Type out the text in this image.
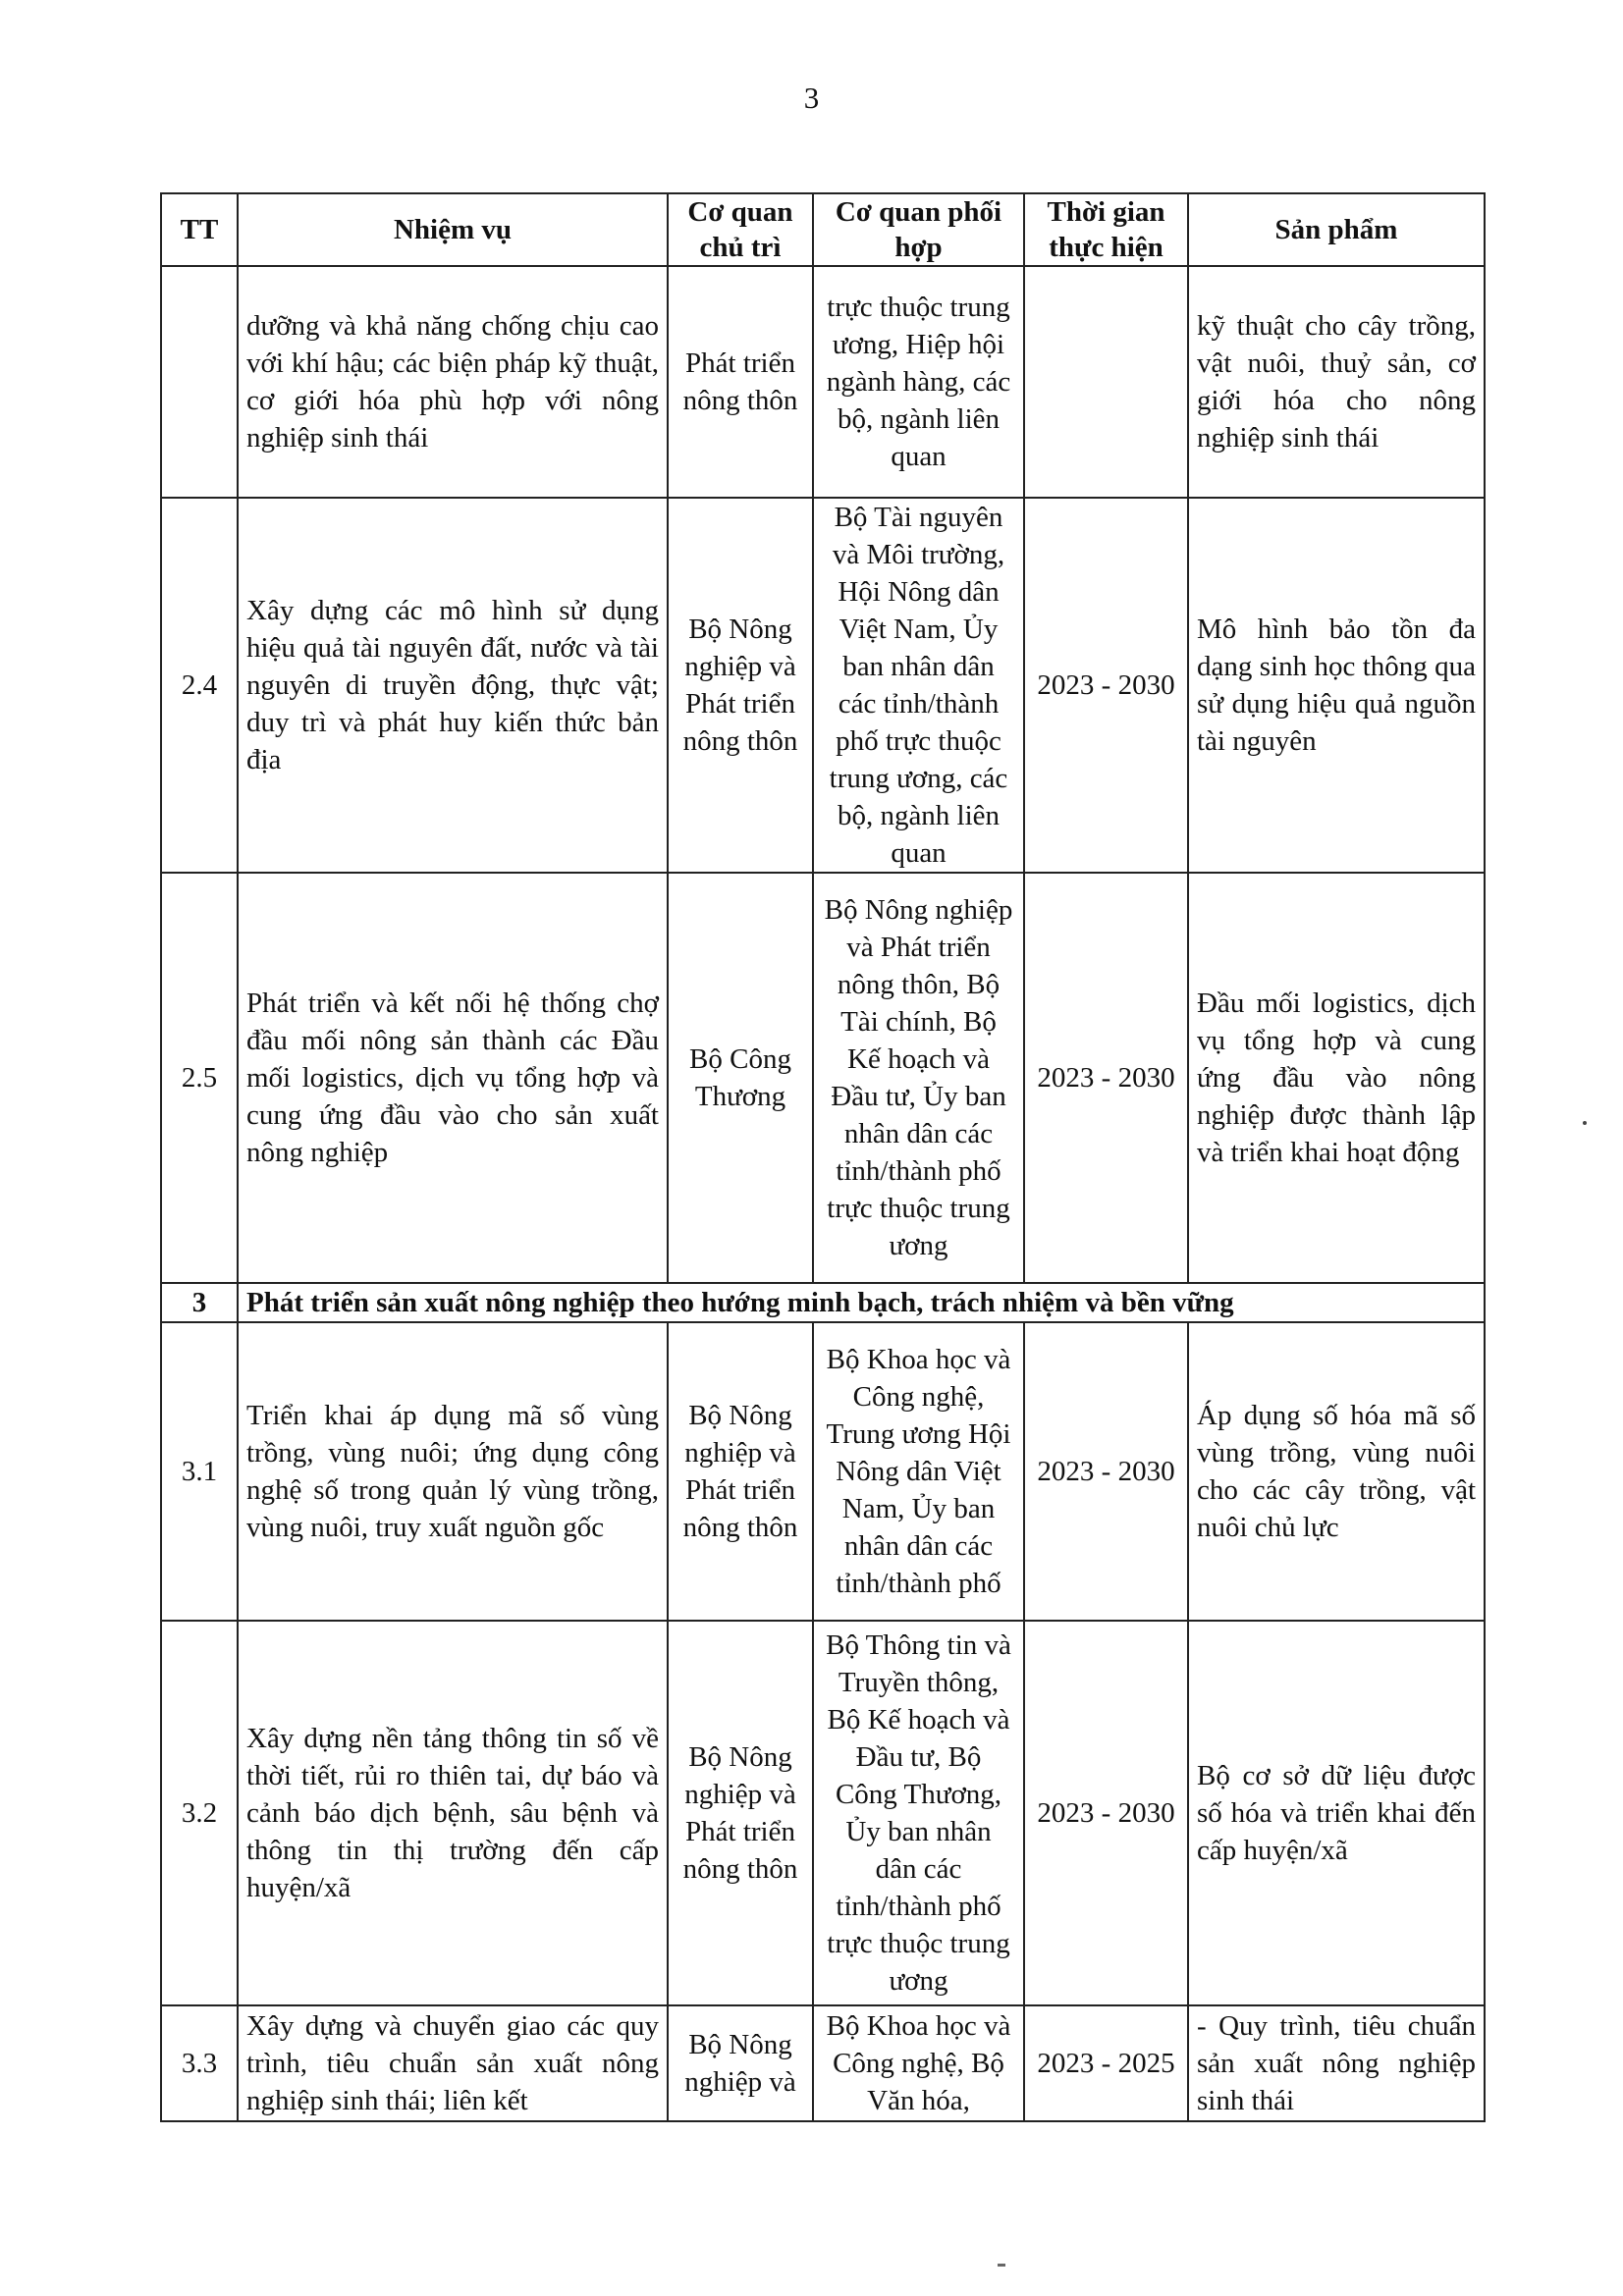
3
TT	Nhiệm vụ	Cơ quan chủ trì	Cơ quan phối hợp	Thời gian thực hiện	Sản phẩm
	dưỡng và khả năng chống chịu cao với khí hậu; các biện pháp kỹ thuật, cơ giới hóa phù hợp với nông nghiệp sinh thái	Phát triển nông thôn	trực thuộc trung ương, Hiệp hội ngành hàng, các bộ, ngành liên quan		kỹ thuật cho cây trồng, vật nuôi, thuỷ sản, cơ giới hóa cho nông nghiệp sinh thái
2.4	Xây dựng các mô hình sử dụng hiệu quả tài nguyên đất, nước và tài nguyên di truyền động, thực vật; duy trì và phát huy kiến thức bản địa	Bộ Nông nghiệp và Phát triển nông thôn	Bộ Tài nguyên và Môi trường, Hội Nông dân Việt Nam, Ủy ban nhân dân các tỉnh/thành phố trực thuộc trung ương, các bộ, ngành liên quan	2023 - 2030	Mô hình bảo tồn đa dạng sinh học thông qua sử dụng hiệu quả nguồn tài nguyên
2.5	Phát triển và kết nối hệ thống chợ đầu mối nông sản thành các Đầu mối logistics, dịch vụ tổng hợp và cung ứng đầu vào cho sản xuất nông nghiệp	Bộ Công Thương	Bộ Nông nghiệp và Phát triển nông thôn, Bộ Tài chính, Bộ Kế hoạch và Đầu tư, Ủy ban nhân dân các tỉnh/thành phố trực thuộc trung ương	2023 - 2030	Đầu mối logistics, dịch vụ tổng hợp và cung ứng đầu vào nông nghiệp được thành lập và triển khai hoạt động
3	Phát triển sản xuất nông nghiệp theo hướng minh bạch, trách nhiệm và bền vững				
3.1	Triển khai áp dụng mã số vùng trồng, vùng nuôi; ứng dụng công nghệ số trong quản lý vùng trồng, vùng nuôi, truy xuất nguồn gốc	Bộ Nông nghiệp và Phát triển nông thôn	Bộ Khoa học và Công nghệ, Trung ương Hội Nông dân Việt Nam, Ủy ban nhân dân các tỉnh/thành phố	2023 - 2030	Áp dụng số hóa mã số vùng trồng, vùng nuôi cho các cây trồng, vật nuôi chủ lực
3.2	Xây dựng nền tảng thông tin số về thời tiết, rủi ro thiên tai, dự báo và cảnh báo dịch bệnh, sâu bệnh và thông tin thị trường đến cấp huyện/xã	Bộ Nông nghiệp và Phát triển nông thôn	Bộ Thông tin và Truyền thông, Bộ Kế hoạch và Đầu tư, Bộ Công Thương, Ủy ban nhân dân các tỉnh/thành phố trực thuộc trung ương	2023 - 2030	Bộ cơ sở dữ liệu được số hóa và triển khai đến cấp huyện/xã
3.3	Xây dựng và chuyển giao các quy trình, tiêu chuẩn sản xuất nông nghiệp sinh thái; liên kết	Bộ Nông nghiệp và	Bộ Khoa học và Công nghệ, Bộ Văn hóa,	2023 - 2025	- Quy trình, tiêu chuẩn sản xuất nông nghiệp sinh thái
